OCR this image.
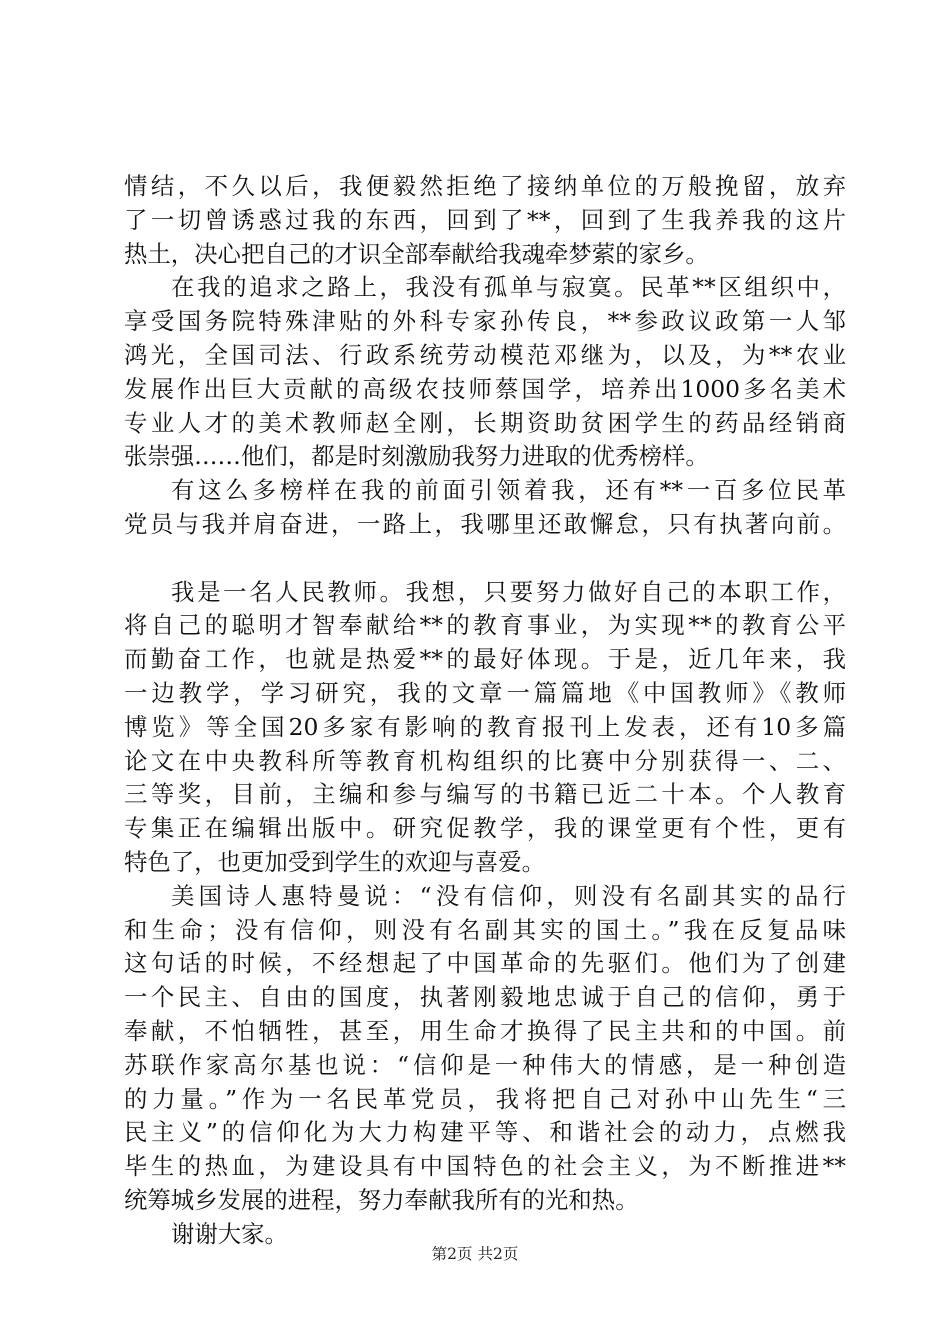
情结，不久以后，我便毅然拒绝了接纳单位的万般挽留，放弃
了一切曾诱惑过我的东西，回到了**，回到了生我养我的这片
热土，决心把自己的才识全部奉献给我魂牵梦萦的家乡。
在我的追求之路上，我没有孤单与寂寞。民革**区组织中，
享受国务院特殊津贴的外科专家孙传良，**参政议政第一人邹
鸿光，全国司法、行政系统劳动模范邓继为，以及，为**农业
发展作出巨大贡献的高级农技师蔡国学，培养出1000多名美术
专业人才的美术教师赵全刚，长期资助贫困学生的药品经销商
张崇强……他们，都是时刻激励我努力进取的优秀榜样。
有这么多榜样在我的前面引领着我，还有**一百多位民革
党员与我并肩奋进，一路上，我哪里还敢懈怠，只有执著向前。
我是一名人民教师。我想，只要努力做好自己的本职工作，
将自己的聪明才智奉献给**的教育事业，为实现**的教育公平
而勤奋工作，也就是热爱**的最好体现。于是，近几年来，我
一边教学，学习研究，我的文章一篇篇地《中国教师》《教师
博览》等全国20多家有影响的教育报刊上发表，还有10多篇
论文在中央教科所等教育机构组织的比赛中分别获得一、二、
三等奖，目前，主编和参与编写的书籍已近二十本。个人教育
专集正在编辑出版中。研究促教学，我的课堂更有个性，更有
特色了，也更加受到学生的欢迎与喜爱。
美国诗人惠特曼说：“没有信仰，则没有名副其实的品行
和生命；没有信仰，则没有名副其实的国土。”我在反复品味
这句话的时候，不经想起了中国革命的先驱们。他们为了创建
一个民主、自由的国度，执著刚毅地忠诚于自己的信仰，勇于
奉献，不怕牺牲，甚至，用生命才换得了民主共和的中国。前
苏联作家高尔基也说：“信仰是一种伟大的情感，是一种创造
的力量。”作为一名民革党员，我将把自己对孙中山先生“三
民主义”的信仰化为大力构建平等、和谐社会的动力，点燃我
毕生的热血，为建设具有中国特色的社会主义，为不断推进**
统筹城乡发展的进程，努力奉献我所有的光和热。
谢谢大家。
第2页 共2页
